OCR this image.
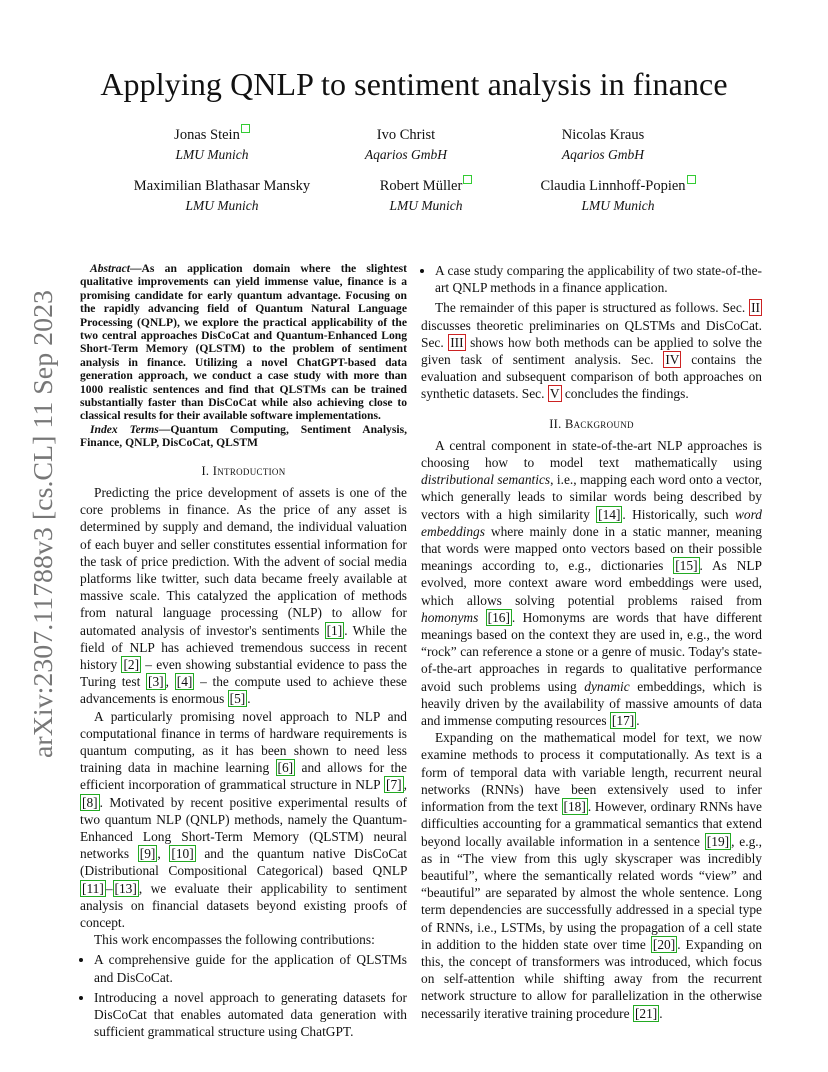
arXiv:2307.11788v3 [cs.CL] 11 Sep 2023
Applying QNLP to sentiment analysis in finance
Jonas Stein
LMU Munich
Ivo Christ
Aqarios GmbH
Nicolas Kraus
Aqarios GmbH
Maximilian Blathasar Mansky
LMU Munich
Robert Müller
LMU Munich
Claudia Linnhoff-Popien
LMU Munich

Abstract—As an application domain where the slightest qualitative improvements can yield immense value, finance is a promising candidate for early quantum advantage. Focusing on the rapidly advancing field of Quantum Natural Language Processing (QNLP), we explore the practical applicability of the two central approaches DisCoCat and Quantum-Enhanced Long Short-Term Memory (QLSTM) to the problem of sentiment analysis in finance. Utilizing a novel ChatGPT-based data generation approach, we conduct a case study with more than 1000 realistic sentences and find that QLSTMs can be trained substantially faster than DisCoCat while also achieving close to classical results for their available software implementations.

Index Terms—Quantum Computing, Sentiment Analysis, Finance, QNLP, DisCoCat, QLSTM

I. Introduction

Predicting the price development of assets is one of the core problems in finance. As the price of any asset is determined by supply and demand, the individual valuation of each buyer and seller constitutes essential information for the task of price prediction. With the advent of social media platforms like twitter, such data became freely available at massive scale. This catalyzed the application of methods from natural language processing (NLP) to allow for automated analysis of investor's sentiments [1] . While the field of NLP has achieved tremendous success in recent history [2] – even showing substantial evidence to pass the Turing test [3] , [4] – the compute used to achieve these advancements is enormous [5] .

A particularly promising novel approach to NLP and computational finance in terms of hardware requirements is quantum computing, as it has been shown to need less training data in machine learning [6] and allows for the efficient incorporation of grammatical structure in NLP [7] , [8] . Motivated by recent positive experimental results of two quantum NLP (QNLP) methods, namely the Quantum-Enhanced Long Short-Term Memory (QLSTM) neural networks [9] , [10] and the quantum native DisCoCat (Distributional Compositional Categorical) based QNLP [11] – [13] , we evaluate their applicability to sentiment analysis on financial datasets beyond existing proofs of concept.

This work encompasses the following contributions:

• A comprehensive guide for the application of QLSTMs and DisCoCat.
• Introducing a novel approach to generating datasets for DisCoCat that enables automated data generation with sufficient grammatical structure using ChatGPT.
• A case study comparing the applicability of two state-of-the-art QNLP methods in a finance application.

The remainder of this paper is structured as follows. Sec. II discusses theoretic preliminaries on QLSTMs and DisCoCat. Sec. III shows how both methods can be applied to solve the given task of sentiment analysis. Sec. IV contains the evaluation and subsequent comparison of both approaches on synthetic datasets. Sec. V concludes the findings.

II. Background

A central component in state-of-the-art NLP approaches is choosing how to model text mathematically using distributional semantics, i.e., mapping each word onto a vector, which generally leads to similar words being described by vectors with a high similarity [14] . Historically, such word embeddings where mainly done in a static manner, meaning that words were mapped onto vectors based on their possible meanings according to, e.g., dictionaries [15] . As NLP evolved, more context aware word embeddings were used, which allows solving potential problems raised from homonyms [16] . Homonyms are words that have different meanings based on the context they are used in, e.g., the word “rock” can reference a stone or a genre of music. Today's state-of-the-art approaches in regards to qualitative performance avoid such problems using dynamic embeddings, which is heavily driven by the availability of massive amounts of data and immense computing resources [17] .

Expanding on the mathematical model for text, we now examine methods to process it computationally. As text is a form of temporal data with variable length, recurrent neural networks (RNNs) have been extensively used to infer information from the text [18] . However, ordinary RNNs have difficulties accounting for a grammatical semantics that extend beyond locally available information in a sentence [19] , e.g., as in “The view from this ugly skyscraper was incredibly beautiful”, where the semantically related words “view” and “beautiful” are separated by almost the whole sentence. Long term dependencies are successfully addressed in a special type of RNNs, i.e., LSTMs, by using the propagation of a cell state in addition to the hidden state over time [20] . Expanding on this, the concept of transformers was introduced, which focus on self-attention while shifting away from the recurrent network structure to allow for parallelization in the otherwise necessarily iterative training procedure [21] .
